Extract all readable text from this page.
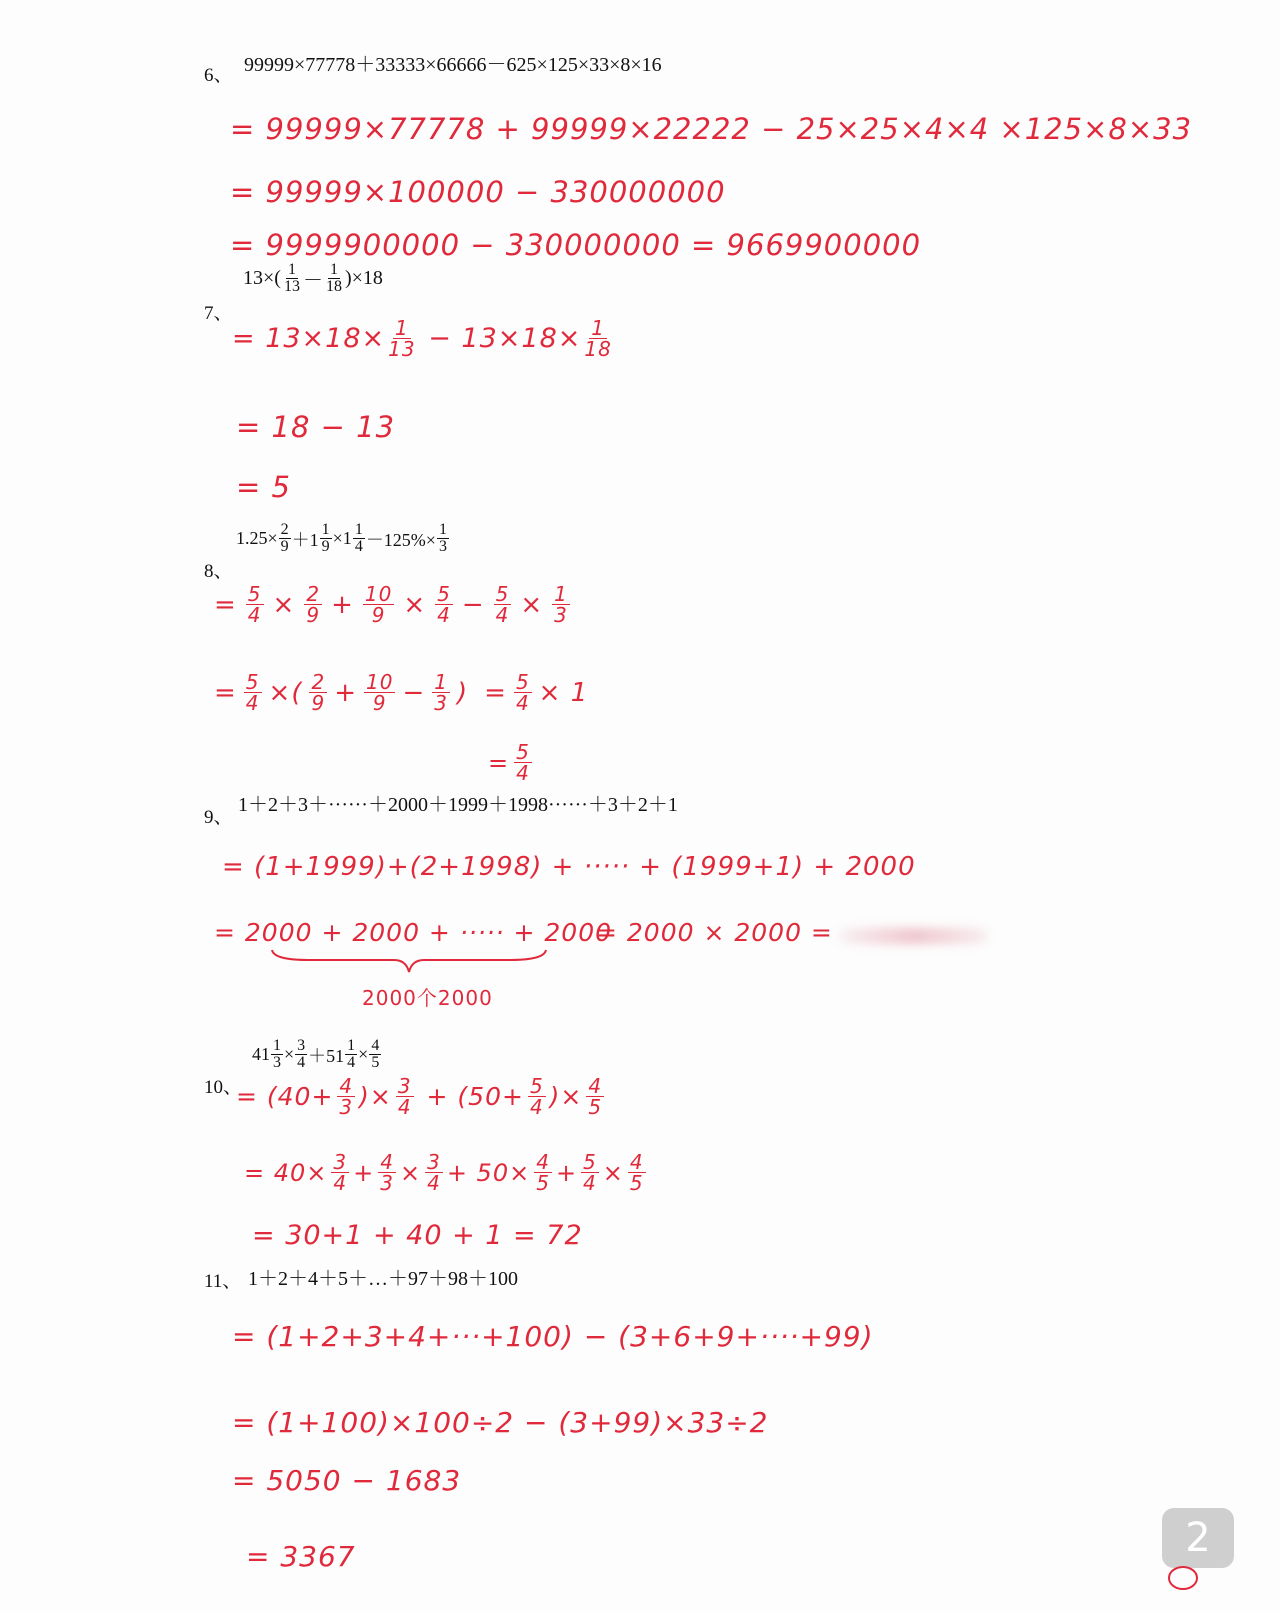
6、 99999×77778＋33333×66666－625×125×33×8×16
= 99999×77778 + 99999×22222 − 25×25×4×4 ×125×8×33
= 99999×100000 − 330000000
= 9999900000 − 330000000 = 9669900000
7、
$13\times( \frac{1}{13} - \frac{1}{18} )\times 18$
= $13\times 18\times \frac{1}{13} - 13\times 18\times \frac{1}{18}$
= 18 − 13
= 5
8、
$1.25\times \frac{2}{9} +1 \frac{1}{9} \times 1 \frac{1}{4} -125\%\times \frac{1}{3}$
= $\frac{5}{4} \times \frac{2}{9} + \frac{10}{9} \times \frac{5}{4} - \frac{5}{4} \times \frac{1}{3}$
= $\frac{5}{4}$ ×( $\frac{2}{9} + \frac{10}{9} - \frac{1}{3}$ ) = $\frac{5}{4} \times 1$
= $\frac{5}{4}$
9、
1＋2＋3＋······＋2000＋1999＋1998······＋3＋2＋1
= (1+1999)+(2+1998) + ····· + (1999+1) + 2000
= 2000 + 2000 + ····· + 2000
= 2000 × 2000 =
2000个2000
10、
$41 \frac{1}{3} \times \frac{3}{4} +51 \frac{1}{4} \times \frac{4}{5}$
= ($40+ \frac{4}{3}$ )× $\frac{3}{4} + (50+ \frac{5}{4}$ )× $\frac{4}{5}$
= $40\times \frac{3}{4} + \frac{4}{3} \times \frac{3}{4} + 50\times \frac{4}{5} + \frac{5}{4} \times \frac{4}{5}$
= 30+1 + 40 + 1 = 72
11、 1＋2＋4＋5＋…＋97＋98＋100
= (1+2+3+4+···+100) − (3+6+9+····+99)
= (1+100)×100÷2 − (3+99)×33÷2
= 5050 − 1683
= 3367	2
